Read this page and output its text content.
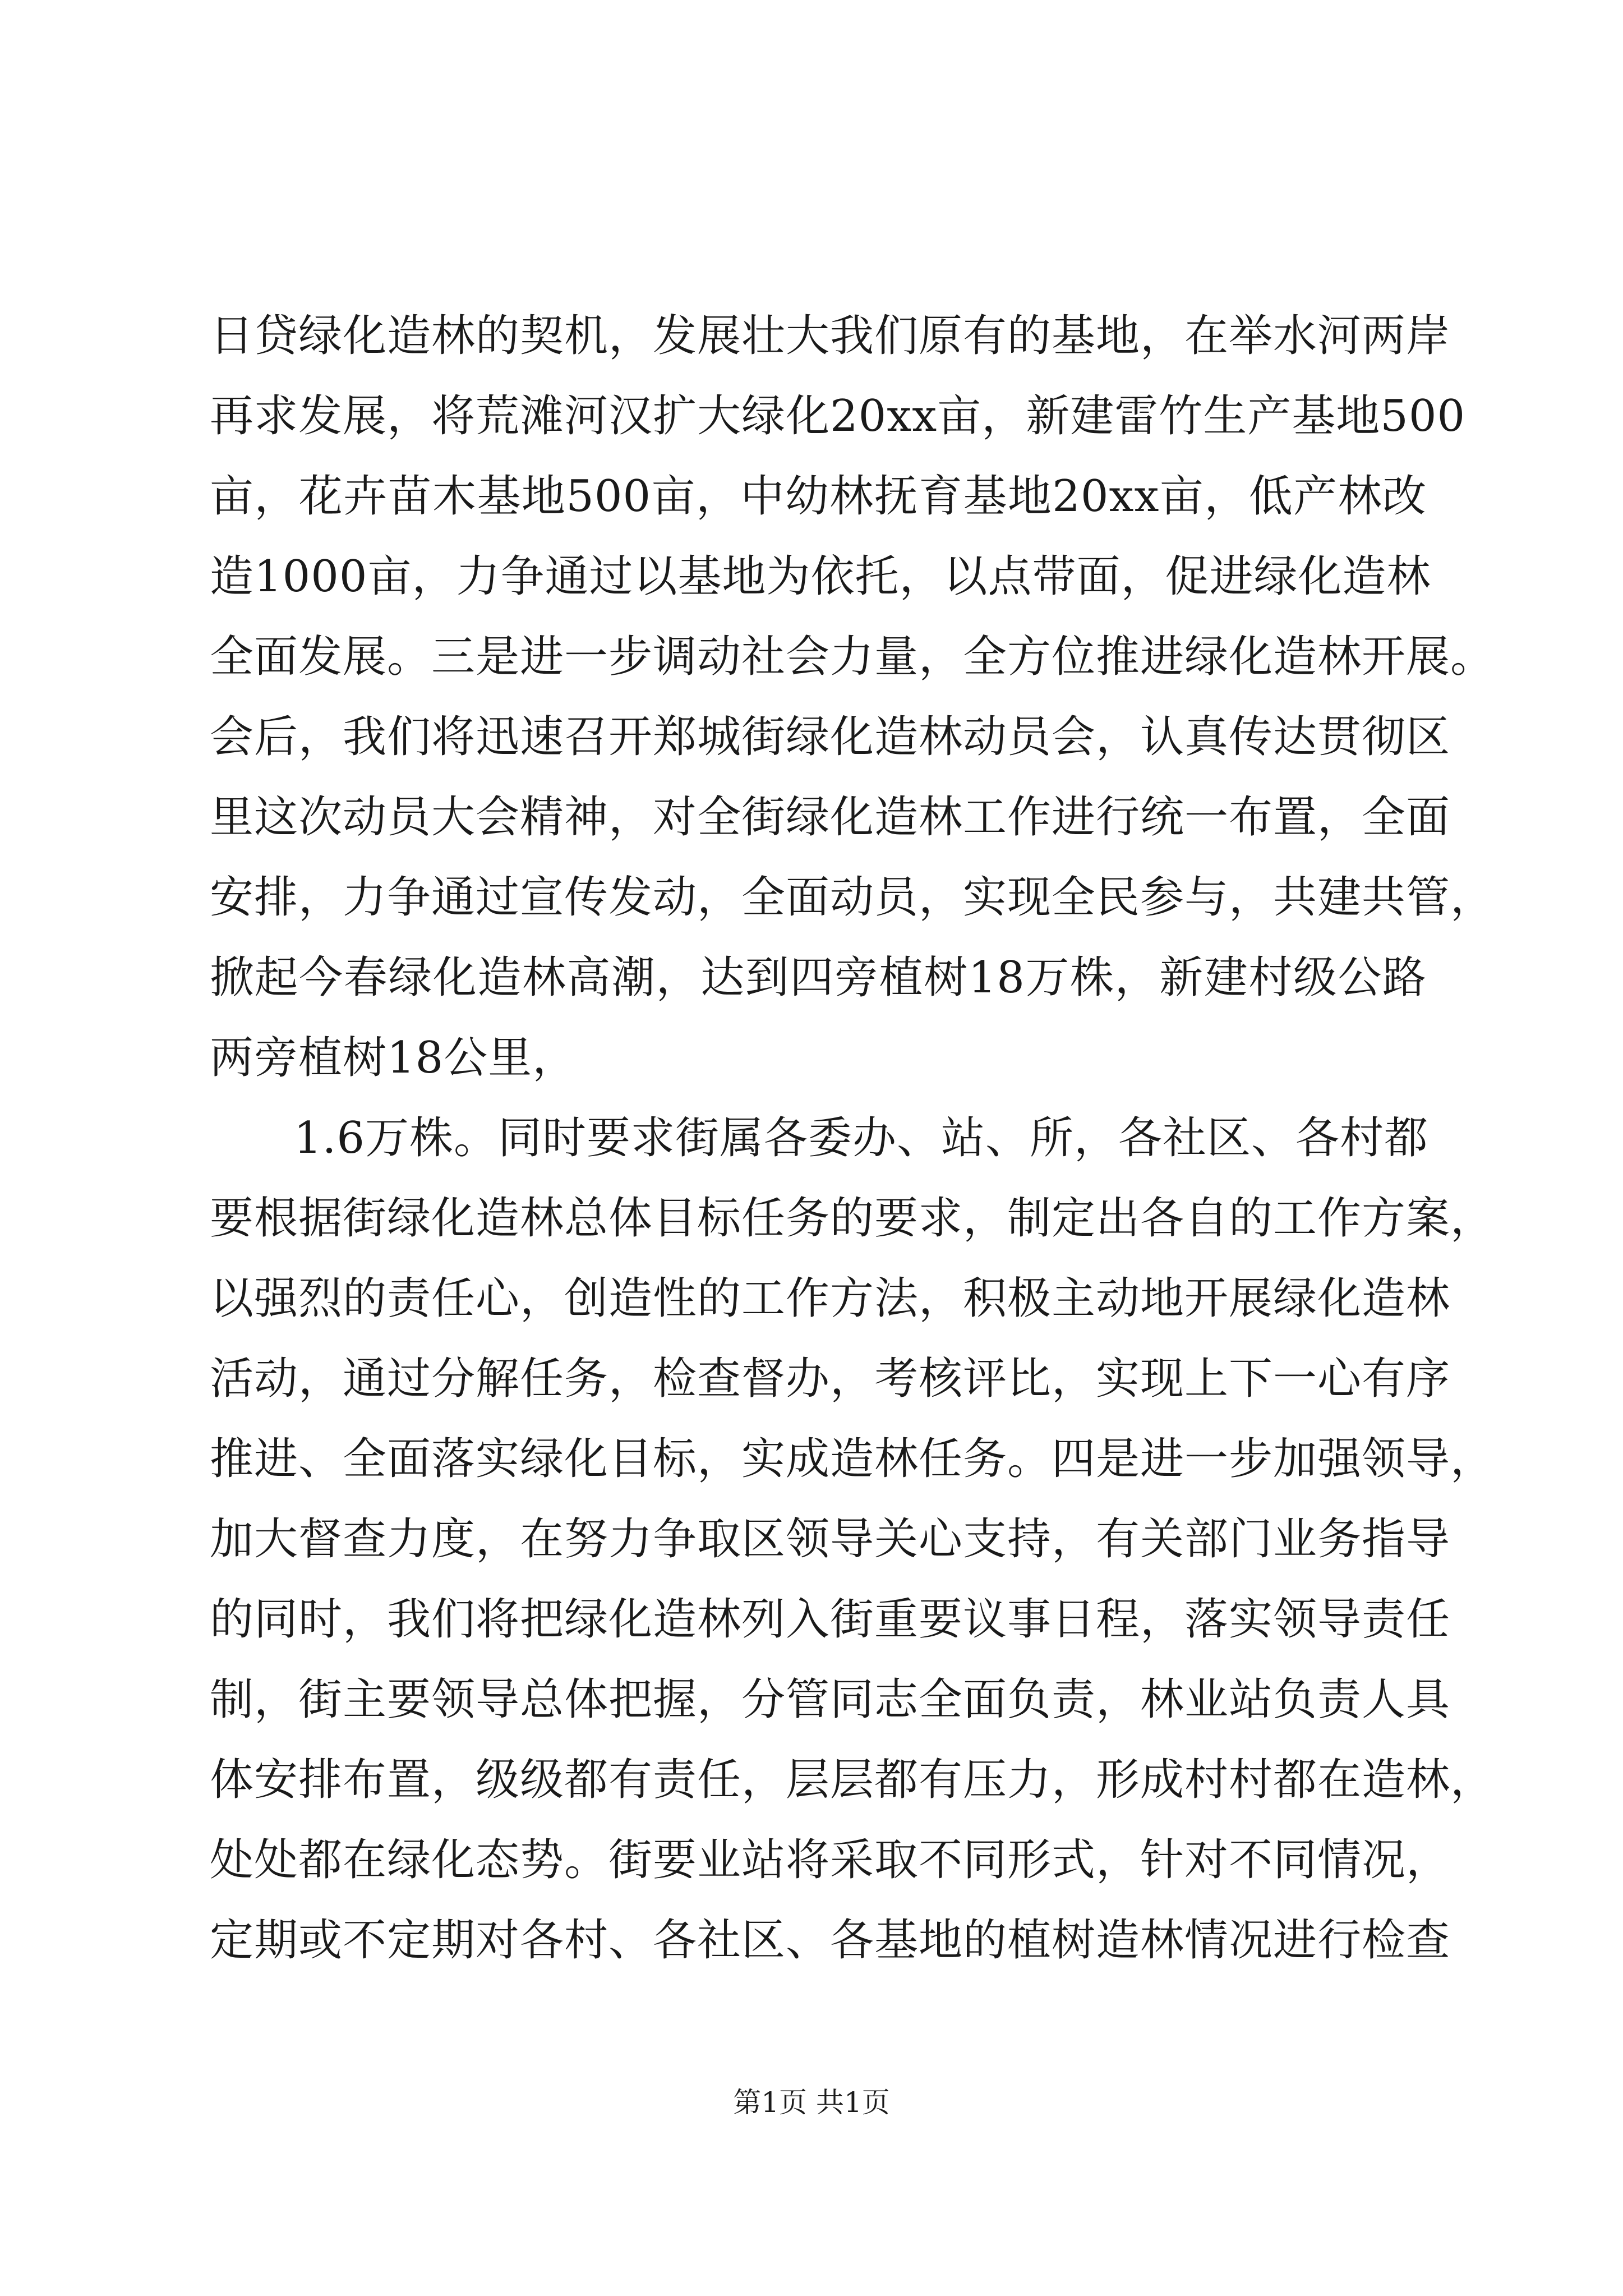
日贷绿化造林的契机，发展壮大我们原有的基地，在举水河两岸
再求发展，将荒滩河汉扩大绿化20xx亩，新建雷竹生产基地500
亩，花卉苗木基地500亩，中幼林抚育基地20xx亩，低产林改
造1000亩，力争通过以基地为依托，以点带面，促进绿化造林
全面发展。三是进一步调动社会力量，全方位推进绿化造林开展。
会后，我们将迅速召开郑城街绿化造林动员会，认真传达贯彻区
里这次动员大会精神，对全街绿化造林工作进行统一布置，全面
安排，力争通过宣传发动，全面动员，实现全民参与，共建共管，
掀起今春绿化造林高潮，达到四旁植树18万株，新建村级公路
两旁植树18公里，
1.6万株。同时要求街属各委办、站、所，各社区、各村都
要根据街绿化造林总体目标任务的要求，制定出各自的工作方案，
以强烈的责任心，创造性的工作方法，积极主动地开展绿化造林
活动，通过分解任务，检查督办，考核评比，实现上下一心有序
推进、全面落实绿化目标，实成造林任务。四是进一步加强领导，
加大督查力度，在努力争取区领导关心支持，有关部门业务指导
的同时，我们将把绿化造林列入街重要议事日程，落实领导责任
制，街主要领导总体把握，分管同志全面负责，林业站负责人具
体安排布置，级级都有责任，层层都有压力，形成村村都在造林，
处处都在绿化态势。街要业站将采取不同形式，针对不同情况，
定期或不定期对各村、各社区、各基地的植树造林情况进行检查
第1页 共1页
